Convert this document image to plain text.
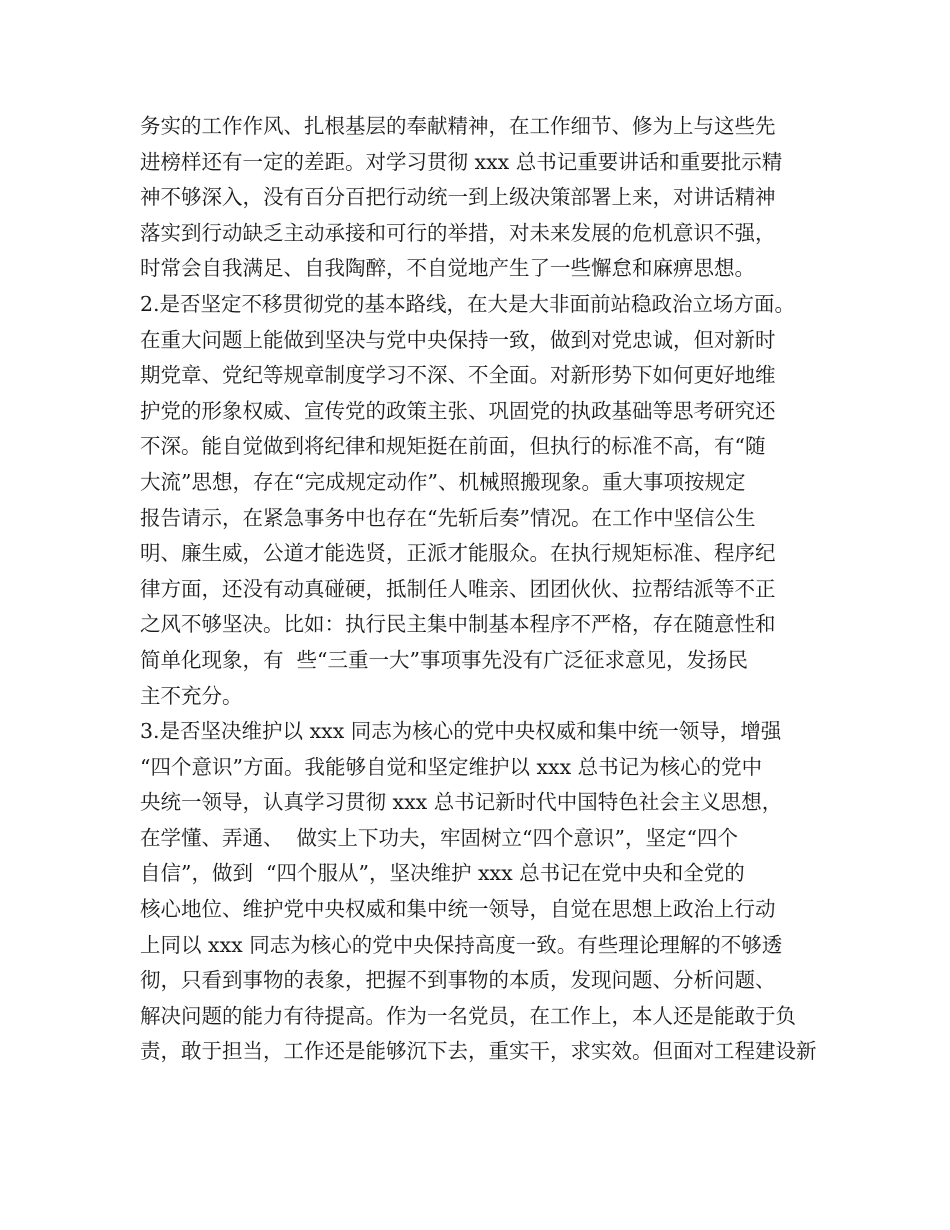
务实的工作作风、扎根基层的奉献精神，在工作细节、修为上与这些先
进榜样还有一定的差距。对学习贯彻 xxx 总书记重要讲话和重要批示精
神不够深入，没有百分百把行动统一到上级决策部署上来，对讲话精神
落实到行动缺乏主动承接和可行的举措，对未来发展的危机意识不强，
时常会自我满足、自我陶醉，不自觉地产生了一些懈怠和麻痹思想。
2.是否坚定不移贯彻党的基本路线，在大是大非面前站稳政治立场方面。
在重大问题上能做到坚决与党中央保持一致，做到对党忠诚，但对新时
期党章、党纪等规章制度学习不深、不全面。对新形势下如何更好地维
护党的形象权威、宣传党的政策主张、巩固党的执政基础等思考研究还
不深。能自觉做到将纪律和规矩挺在前面，但执行的标准不高，有“随
大流”思想，存在“完成规定动作”、机械照搬现象。重大事项按规定
报告请示，在紧急事务中也存在“先斩后奏”情况。在工作中坚信公生
明、廉生威，公道才能选贤，正派才能服众。在执行规矩标准、程序纪
律方面，还没有动真碰硬，抵制任人唯亲、团团伙伙、拉帮结派等不正
之风不够坚决。比如：执行民主集中制基本程序不严格，存在随意性和
简单化现象，有  些“三重一大”事项事先没有广泛征求意见，发扬民
主不充分。
3.是否坚决维护以 xxx 同志为核心的党中央权威和集中统一领导，增强
“四个意识”方面。我能够自觉和坚定维护以 xxx 总书记为核心的党中
央统一领导，认真学习贯彻 xxx 总书记新时代中国特色社会主义思想，
在学懂、弄通、  做实上下功夫，牢固树立“四个意识”，坚定“四个
自信”，做到  “四个服从”，坚决维护 xxx 总书记在党中央和全党的
核心地位、维护党中央权威和集中统一领导，自觉在思想上政治上行动
上同以 xxx 同志为核心的党中央保持高度一致。有些理论理解的不够透
彻，只看到事物的表象，把握不到事物的本质，发现问题、分析问题、
解决问题的能力有待提高。作为一名党员，在工作上，本人还是能敢于负
责，敢于担当，工作还是能够沉下去，重实干，求实效。但面对工程建设新
